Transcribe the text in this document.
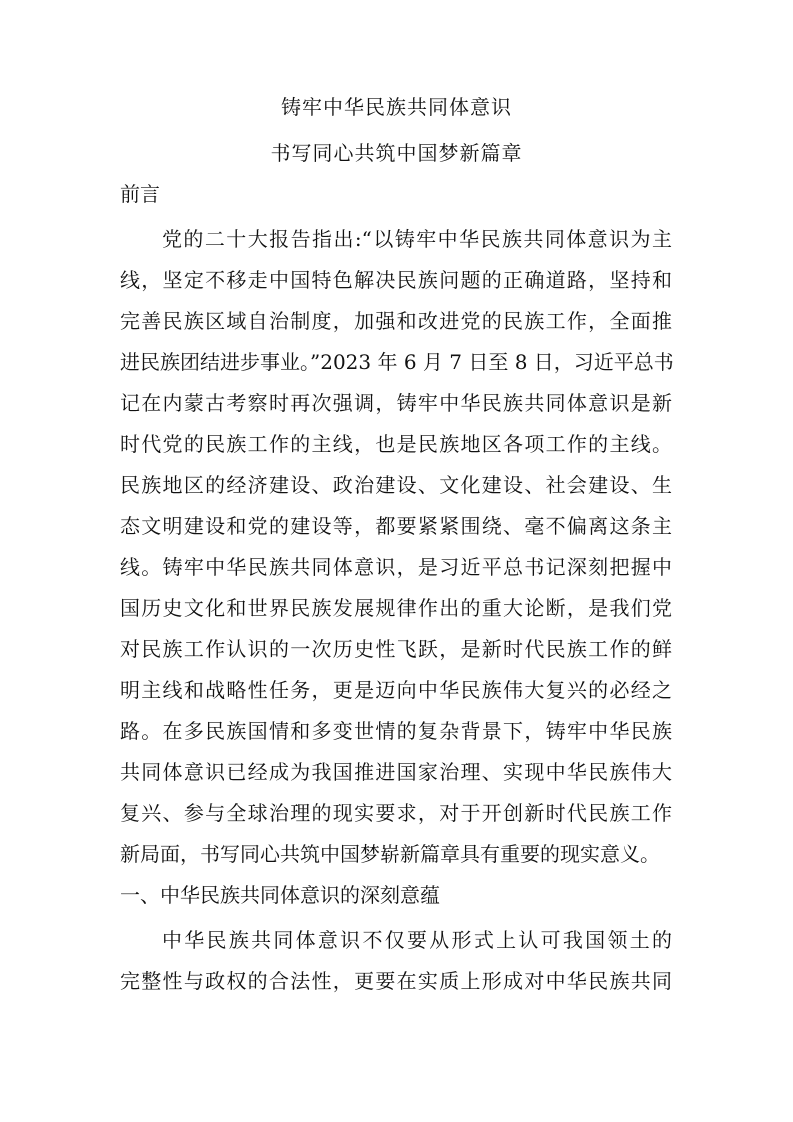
铸牢中华民族共同体意识
书写同心共筑中国梦新篇章
前言
党的二十大报告指出:“以铸牢中华民族共同体意识为主
线，坚定不移走中国特色解决民族问题的正确道路，坚持和
完善民族区域自治制度，加强和改进党的民族工作，全面推
进民族团结进步事业。”2023 年 6 月 7 日至 8 日，习近平总书
记在内蒙古考察时再次强调，铸牢中华民族共同体意识是新
时代党的民族工作的主线，也是民族地区各项工作的主线。
民族地区的经济建设、政治建设、文化建设、社会建设、生
态文明建设和党的建设等，都要紧紧围绕、毫不偏离这条主
线。铸牢中华民族共同体意识，是习近平总书记深刻把握中
国历史文化和世界民族发展规律作出的重大论断，是我们党
对民族工作认识的一次历史性飞跃，是新时代民族工作的鲜
明主线和战略性任务，更是迈向中华民族伟大复兴的必经之
路。在多民族国情和多变世情的复杂背景下，铸牢中华民族
共同体意识已经成为我国推进国家治理、实现中华民族伟大
复兴、参与全球治理的现实要求，对于开创新时代民族工作
新局面，书写同心共筑中国梦崭新篇章具有重要的现实意义。
一、中华民族共同体意识的深刻意蕴
中华民族共同体意识不仅要从形式上认可我国领土的
完整性与政权的合法性，更要在实质上形成对中华民族共同
